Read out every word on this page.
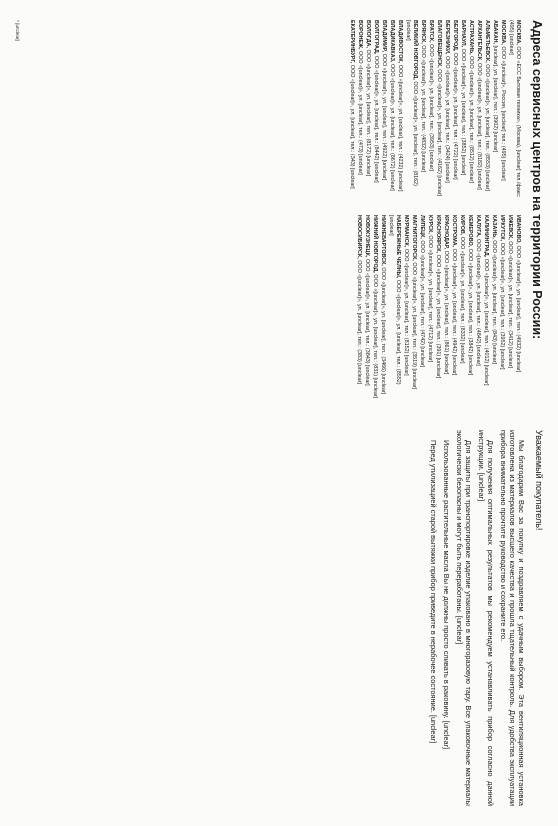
Адреса сервисных центров на территории России:
МОСКВА, ООО «ЕСС Бытовая техника», (Москва), [unclear] тел./факс: (495) [unclear]
МОСКВА, ООО «[unclear]», Россия, [unclear] тел.: (495) [unclear]
АБАКАН, [unclear], ул. [unclear], тел.: (3902) [unclear]
АЛЬМЕТЬЕВСК, ООО «[unclear]», ул. [unclear], тел.: (8553) [unclear]
АРХАНГЕЛЬСК, ООО «[unclear]», ул. [unclear], тел.: (8182) [unclear]
АСТРАХАНЬ, ООО «[unclear]», ул. [unclear], тел.: (8512) [unclear]
БАРНАУЛ, ООО «[unclear]», ул. [unclear], тел.: (3852) [unclear]
БЕЛГОРОД, ООО «[unclear]», ул. [unclear], тел.: (4722) [unclear]
БЕРЕЗНИКИ, ООО «[unclear]», ул. [unclear], тел.: (3424) [unclear]
БЛАГОВЕЩЕНСК, ООО «[unclear]», ул. [unclear], тел.: (4162) [unclear]
БРАТСК, ООО «[unclear]», ул. [unclear], тел.: (3953) [unclear]
БРЯНСК, ООО «[unclear]», ул. [unclear], тел.: (4832) [unclear]
ВЕЛИКИЙ НОВГОРОД, ООО «[unclear]», ул. [unclear], тел.: (8162) [unclear]
ВЛАДИВОСТОК, ООО «[unclear]», ул. [unclear], тел.: (4232) [unclear]
ВЛАДИКАВКАЗ, ООО «[unclear]», ул. [unclear], тел.: (8672) [unclear]
ВЛАДИМИР, ООО «[unclear]», ул. [unclear], тел.: (4922) [unclear]
ВОЛГОГРАД, ООО «[unclear]», ул. [unclear], тел.: (8442) [unclear]
ВОЛОГДА, ООО «[unclear]», ул. [unclear], тел.: (8172) [unclear]
ВОРОНЕЖ, ООО «[unclear]», ул. [unclear], тел.: (473) [unclear]
ЕКАТЕРИНБУРГ, ООО «[unclear]», ул. [unclear], тел.: (343) [unclear]
ИВАНОВО, ООО «[unclear]», ул. [unclear], тел.: (4932) [unclear]
ИЖЕВСК, ООО «[unclear]», ул. [unclear], тел.: (3412) [unclear]
ИРКУТСК, ООО «[unclear]», ул. [unclear], тел.: (3952) [unclear]
КАЗАНЬ, ООО «[unclear]», ул. [unclear], тел.: (843) [unclear]
КАЛИНИНГРАД, ООО «[unclear]», ул. [unclear], тел.: (4012) [unclear]
КАЛУГА, ООО «[unclear]», ул. [unclear], тел.: (4842) [unclear]
КЕМЕРОВО, ООО «[unclear]», ул. [unclear], тел.: (3842) [unclear]
КИРОВ, ООО «[unclear]», ул. [unclear], тел.: (8332) [unclear]
КОСТРОМА, ООО «[unclear]», ул. [unclear], тел.: (4942) [unclear]
КРАСНОДАР, ООО «[unclear]», ул. [unclear], тел.: (861) [unclear]
КРАСНОЯРСК, ООО «[unclear]», ул. [unclear], тел.: (391) [unclear]
КУРСК, ООО «[unclear]», ул. [unclear], тел.: (4712) [unclear]
ЛИПЕЦК, ООО «[unclear]», ул. [unclear], тел.: (4742) [unclear]
МАГНИТОГОРСК, ООО «[unclear]», ул. [unclear], тел.: (3519) [unclear]
МУРМАНСК, ООО «[unclear]», ул. [unclear], тел.: (8152) [unclear]
НАБЕРЕЖНЫЕ ЧЕЛНЫ, ООО «[unclear]», ул. [unclear], тел.: (8552) [unclear]
НИЖНЕВАРТОВСК, ООО «[unclear]», ул. [unclear], тел.: (3466) [unclear]
НИЖНИЙ НОВГОРОД, ООО «[unclear]», ул. [unclear], тел.: (831) [unclear]
НОВОКУЗНЕЦК, ООО «[unclear]», ул. [unclear], тел.: (3843) [unclear]
НОВОСИБИРСК, ООО «[unclear]», ул. [unclear], тел.: (383) [unclear]
* [unclear]
Уважаемый покупатель!

Мы благодарим Вас за покупку и поздравляем с удачным выбором. Эта вентиляционная установка изготовлена из материалов высшего качества и прошла тщательный контроль. Для удобства эксплуатации прибора внимательно прочтите руководство и сохраните его.

Для получения оптимальных результатов мы рекомендуем устанавливать прибор согласно данной инструкции. [unclear]

Для защиты при транспортировке изделие упаковано в многоразовую тару. Все упаковочные материалы экологически безопасны и могут быть переработаны. [unclear]

Использованные растительные масла Вы не должны просто сливать в раковину. [unclear]

Перед утилизацией старой вытяжки прибор приведите в нерабочее состояние. [unclear]
